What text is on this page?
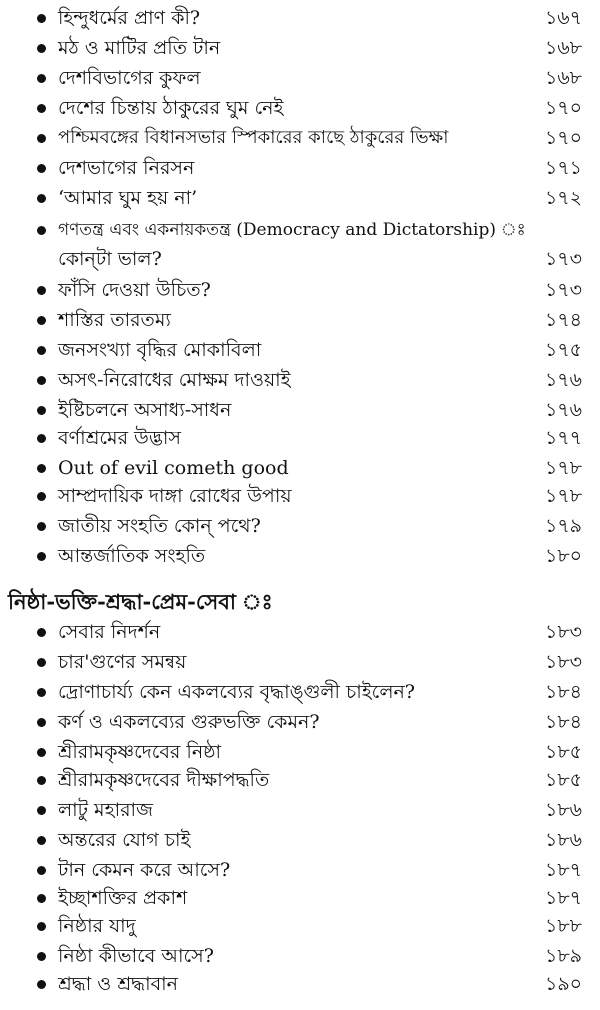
হিন্দুধর্মের প্রাণ কী?	১৬৭
মঠ ও মাটির প্রতি টান	১৬৮
দেশবিভাগের কুফল	১৬৮
দেশের চিন্তায় ঠাকুরের ঘুম নেই	১৭০
পশ্চিমবঙ্গের বিধানসভার স্পিকারের কাছে ঠাকুরের ভিক্ষা	১৭০
দেশভাগের নিরসন	১৭১
‘আমার ঘুম হয় না’	১৭২
গণতন্ত্র এবং একনায়কতন্ত্র (Democracy and Dictatorship) ঃ
কোন্‌টা ভাল?	১৭৩
ফাঁসি দেওয়া উচিত?	১৭৩
শাস্তির তারতম্য	১৭৪
জনসংখ্যা বৃদ্ধির মোকাবিলা	১৭৫
অসৎ-নিরোধের মোক্ষম দাওয়াই	১৭৬
ইষ্টিচলনে অসাধ্য-সাধন	১৭৬
বর্ণাশ্রমের উদ্ভাস	১৭৭
Out of evil cometh good	১৭৮
সাম্প্রদায়িক দাঙ্গা রোধের উপায়	১৭৮
জাতীয় সংহতি কোন্‌ পথে?	১৭৯
আন্তর্জাতিক সংহতি	১৮০
নিষ্ঠা-ভক্তি-শ্রদ্ধা-প্রেম-সেবা ঃ
সেবার নিদর্শন	১৮৩
চার'গুণের সমন্বয়	১৮৩
দ্রোণাচার্য্য কেন একলব্যের বৃদ্ধাঙ্গুলী চাইলেন?	১৮৪
কর্ণ ও একলব্যের গুরুভক্তি কেমন?	১৮৪
শ্রীরামকৃষ্ণদেবের নিষ্ঠা	১৮৫
শ্রীরামকৃষ্ণদেবের দীক্ষাপদ্ধতি	১৮৫
লাটু মহারাজ	১৮৬
অন্তরের যোগ চাই	১৮৬
টান কেমন করে আসে?	১৮৭
ইচ্ছাশক্তির প্রকাশ	১৮৭
নিষ্ঠার যাদু	১৮৮
নিষ্ঠা কীভাবে আসে?	১৮৯
শ্রদ্ধা ও শ্রদ্ধাবান	১৯০
